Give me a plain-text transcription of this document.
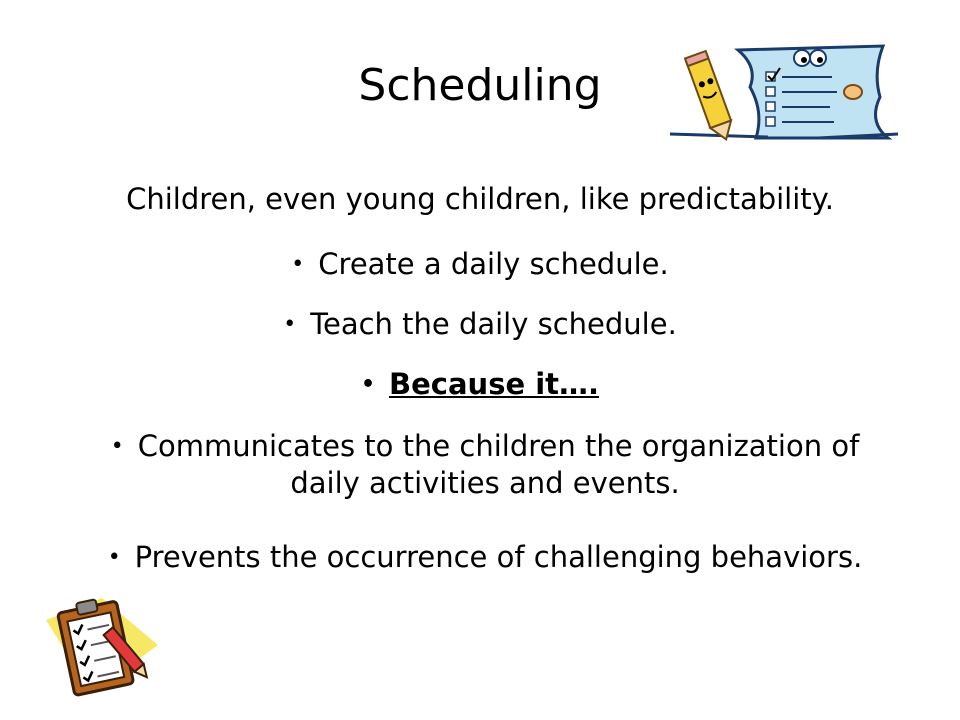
Scheduling
Children, even young children, like predictability.
• Create a daily schedule.
• Teach the daily schedule.
• Because it….
• Communicates to the children the organization of daily activities and events.
• Prevents the occurrence of challenging behaviors.
